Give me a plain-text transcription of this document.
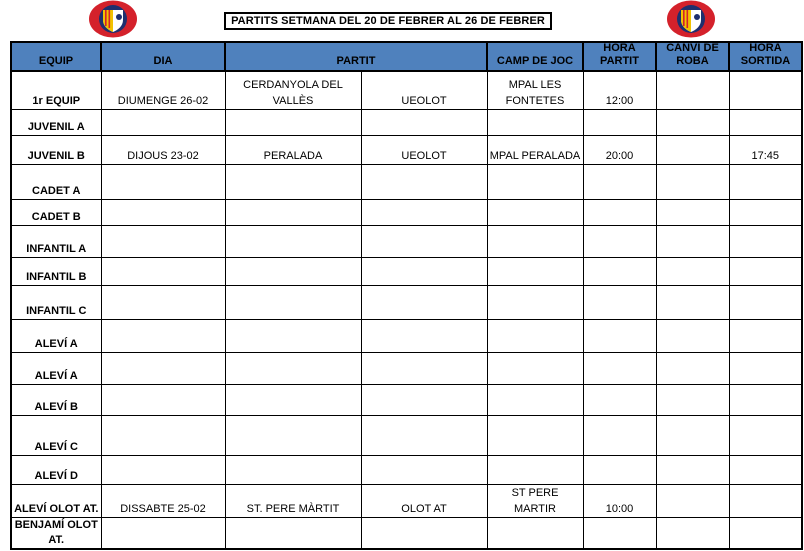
PARTITS SETMANA DEL 20 DE FEBRER AL 26 DE FEBRER
EQUIP	DIA	PARTIT		CAMP DE JOC	HORA PARTIT	CANVI DE ROBA	HORA SORTIDA

1r EQUIP	DIUMENGE 26-02	CERDANYOLA DEL VALLÈS	UEOLOT	MPAL LES FONTETES	12:00		
JUVENIL A							
JUVENIL B	DIJOUS 23-02	PERALADA	UEOLOT	MPAL PERALADA	20:00		17:45
CADET A							
CADET B							
INFANTIL A							
INFANTIL B							
INFANTIL C							
ALEVÍ A							
ALEVÍ A							
ALEVÍ B							
ALEVÍ C							
ALEVÍ D							
ALEVÍ OLOT AT.	DISSABTE 25-02	ST. PERE MÀRTIT	OLOT AT	ST PERE MARTIR	10:00		
BENJAMÍ OLOT AT.							
